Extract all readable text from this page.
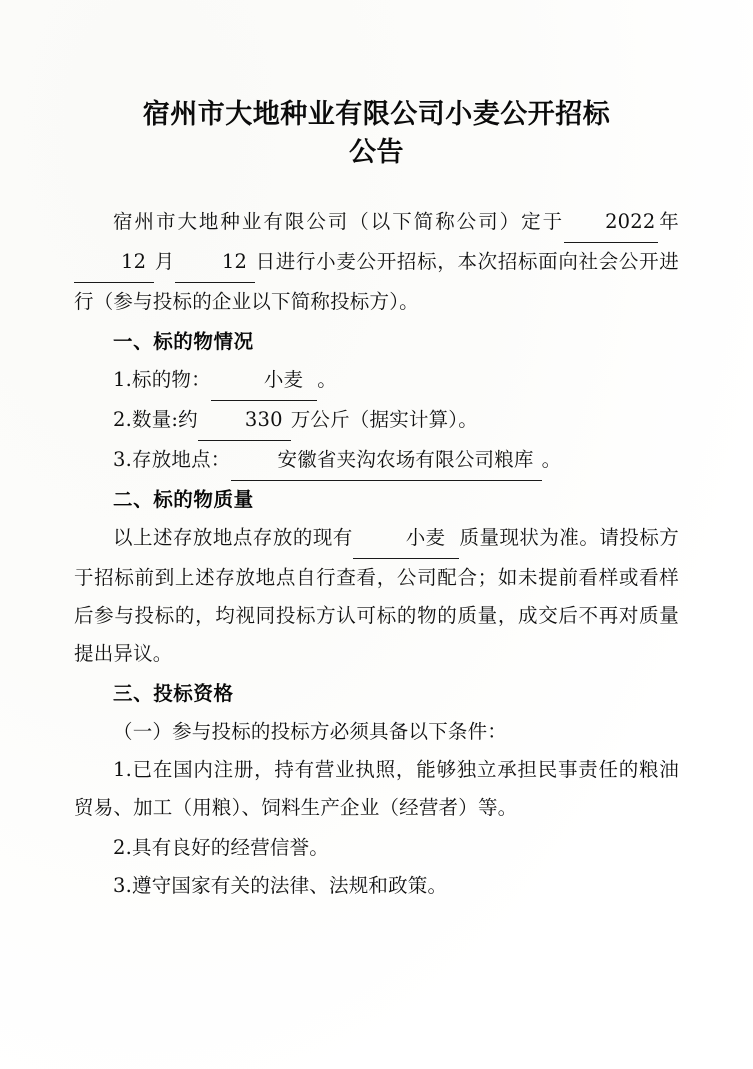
宿州市大地种业有限公司小麦公开招标
公告

宿州市大地种业有限公司（以下简称公司）定于 2022 年12 月 12 日进行小麦公开招标，本次招标面向社会公开进行（参与投标的企业以下简称投标方）。

一、标的物情况

1.标的物：	小麦 。

2.数量:约 330 万公斤（据实计算）。

3.存放地点： 安徽省夹沟农场有限公司粮库 。

二、标的物质量

以上述存放地点存放的现有	小麦 质量现状为准。请投标方于招标前到上述存放地点自行查看，公司配合；如未提前看样或看样后参与投标的，均视同投标方认可标的物的质量，成交后不再对质量提出异议。

三、投标资格

（一）参与投标的投标方必须具备以下条件：

1.已在国内注册，持有营业执照，能够独立承担民事责任的粮油贸易、加工（用粮）、饲料生产企业（经营者）等。

2.具有良好的经营信誉。

3.遵守国家有关的法律、法规和政策。
